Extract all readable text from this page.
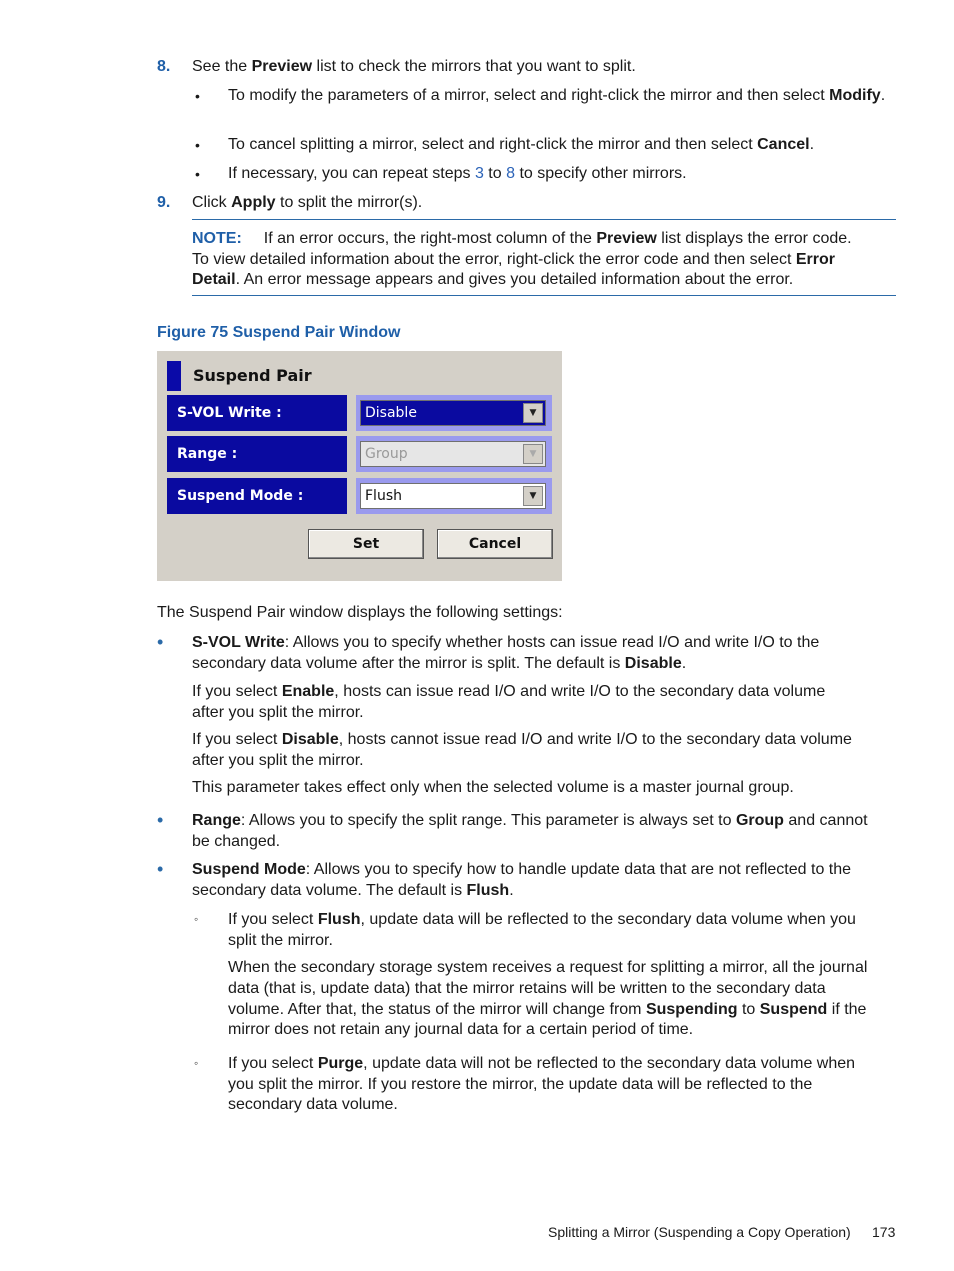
8. See the Preview list to check the mirrors that you want to split.
• To modify the parameters of a mirror, select and right-click the mirror and then select Modify.
• To cancel splitting a mirror, select and right-click the mirror and then select Cancel.
• If necessary, you can repeat steps 3 to 8 to specify other mirrors.
9. Click Apply to split the mirror(s).
NOTE: If an error occurs, the right-most column of the Preview list displays the error code.
To view detailed information about the error, right-click the error code and then select Error
Detail. An error message appears and gives you detailed information about the error.
Figure 75 Suspend Pair Window
Suspend Pair
S-VOL Write :	Disable	▼
Range :	Group	▼
Suspend Mode :	Flush	▼
Set	Cancel
The Suspend Pair window displays the following settings:
• S-VOL Write: Allows you to specify whether hosts can issue read I/O and write I/O to the
secondary data volume after the mirror is split. The default is Disable.
If you select Enable, hosts can issue read I/O and write I/O to the secondary data volume
after you split the mirror.
If you select Disable, hosts cannot issue read I/O and write I/O to the secondary data volume
after you split the mirror.
This parameter takes effect only when the selected volume is a master journal group.
• Range: Allows you to specify the split range. This parameter is always set to Group and cannot
be changed.
• Suspend Mode: Allows you to specify how to handle update data that are not reflected to the
secondary data volume. The default is Flush.
◦ If you select Flush, update data will be reflected to the secondary data volume when you
split the mirror.
When the secondary storage system receives a request for splitting a mirror, all the journal
data (that is, update data) that the mirror retains will be written to the secondary data
volume. After that, the status of the mirror will change from Suspending to Suspend if the
mirror does not retain any journal data for a certain period of time.
◦ If you select Purge, update data will not be reflected to the secondary data volume when
you split the mirror. If you restore the mirror, the update data will be reflected to the
secondary data volume.
Splitting a Mirror (Suspending a Copy Operation) 173
